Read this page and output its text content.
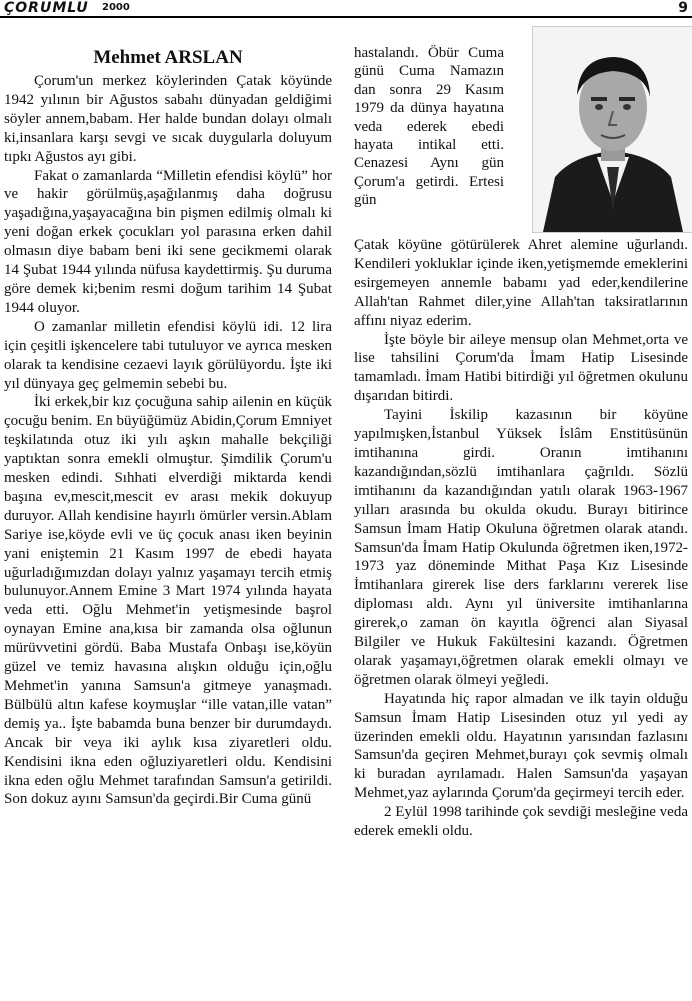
ÇORUMLU 2000	9
Mehmet ARSLAN

Çorum'un merkez köylerinden Çatak köyünde 1942 yılının bir Ağustos sabahı dünyadan geldiğimi söyler annem,babam. Her halde bundan dolayı olmalı ki,insanlara karşı sevgi ve sıcak duygularla doluyum tıpkı Ağustos ayı gibi.

Fakat o zamanlarda “Milletin efendisi köylü” hor ve hakir görülmüş,aşağılanmış daha doğrusu yaşadığına,yaşayacağına bin pişmen edilmiş olmalı ki yeni doğan erkek çocukları yol parasına erken dahil olmasın diye babam beni iki sene gecikmemi olarak 14 Şubat 1944 yılında nüfusa kaydettirmiş. Şu duruma göre demek ki;benim resmi doğum tarihim 14 Şubat 1944 oluyor.

O zamanlar milletin efendisi köylü idi. 12 lira için çeşitli işkencelere tabi tutuluyor ve ayrıca mesken olarak ta kendisine cezaevi layık görülüyordu. İşte iki yıl dünyaya geç gelmemin sebebi bu.

İki erkek,bir kız çocuğuna sahip ailenin en küçük çocuğu benim. En büyüğümüz Abidin,Çorum Emniyet teşkilatında otuz iki yılı aşkın mahalle bekçiliği yaptıktan sonra emekli olmuştur. Şimdilik Çorum'u mesken edindi. Sıhhati elverdiği miktarda kendi başına ev,mescit,mescit ev arası mekik dokuyup duruyor. Allah kendisine hayırlı ömürler versin.Ablam Sariye ise,köyde evli ve üç çocuk anası iken beyinin yani eniştemin 21 Kasım 1997 de ebedi hayata uğurladığımızdan dolayı yalnız yaşamayı tercih etmiş bulunuyor.Annem Emine 3 Mart 1974 yılında hayata veda etti. Oğlu Mehmet'in yetişmesinde başrol oynayan Emine ana,kısa bir zamanda olsa oğlunun mürüvvetini gördü. Baba Mustafa Onbaşı ise,köyün güzel ve temiz havasına alışkın olduğu için,oğlu Mehmet'in yanına Samsun'a gitmeye yanaşmadı. Bülbülü altın kafese koymuşlar “ille vatan,ille vatan” demiş ya.. İşte babamda buna benzer bir durumdaydı. Ancak bir veya iki aylık kısa ziyaretleri oldu. Kendisini ikna eden oğluziyaretleri oldu. Kendisini ikna eden oğlu Mehmet tarafından Samsun'a getirildi. Son dokuz ayını Samsun'da geçirdi.Bir Cuma günü

hastalandı. Öbür Cuma günü Cuma Namazın dan sonra 29 Kasım 1979 da dünya hayatına veda ederek ebedi hayata intikal etti. Cenazesi Aynı gün Çorum'a getirdi. Ertesi gün

Çatak köyüne götürülerek Ahret alemine uğurlandı. Kendileri yokluklar içinde iken,yetişmemde emeklerini esirgemeyen annemle babamı yad eder,kendilerine Allah'tan Rahmet diler,yine Allah'tan taksiratlarının affını niyaz ederim.

İşte böyle bir aileye mensup olan Mehmet,orta ve lise tahsilini Çorum'da İmam Hatip Lisesinde tamamladı. İmam Hatibi bitirdiği yıl öğretmen okulunu dışarıdan bitirdi.

Tayini İskilip kazasının bir köyüne yapılmışken,İstanbul Yüksek İslâm Enstitüsünün imtihanına girdi. Oranın imtihanını kazandığından,sözlü imtihanlara çağrıldı. Sözlü imtihanını da kazandığından yatılı olarak 1963-1967 yılları arasında bu okulda okudu. Burayı bitirince Samsun İmam Hatip Okuluna öğretmen olarak atandı. Samsun'da İmam Hatip Okulunda öğretmen iken,1972-1973 yaz döneminde Mithat Paşa Kız Lisesinde İmtihanlara girerek lise ders farklarını vererek lise diploması aldı. Aynı yıl üniversite imtihanlarına girerek,o zaman ön kayıtla öğrenci alan Siyasal Bilgiler ve Hukuk Fakültesini kazandı. Öğretmen olarak yaşamayı,öğretmen olarak emekli olmayı ve öğretmen olarak ölmeyi yeğledi.

Hayatında hiç rapor almadan ve ilk tayin olduğu Samsun İmam Hatip Lisesinden otuz yıl yedi ay üzerinden emekli oldu. Hayatının yarısından fazlasını Samsun'da geçiren Mehmet,burayı çok sevmiş olmalı ki buradan ayrılamadı. Halen Samsun'da yaşayan Mehmet,yaz aylarında Çorum'da geçirmeyi tercih eder.

2 Eylül 1998 tarihinde çok sevdiği mesleğine veda ederek emekli oldu.
